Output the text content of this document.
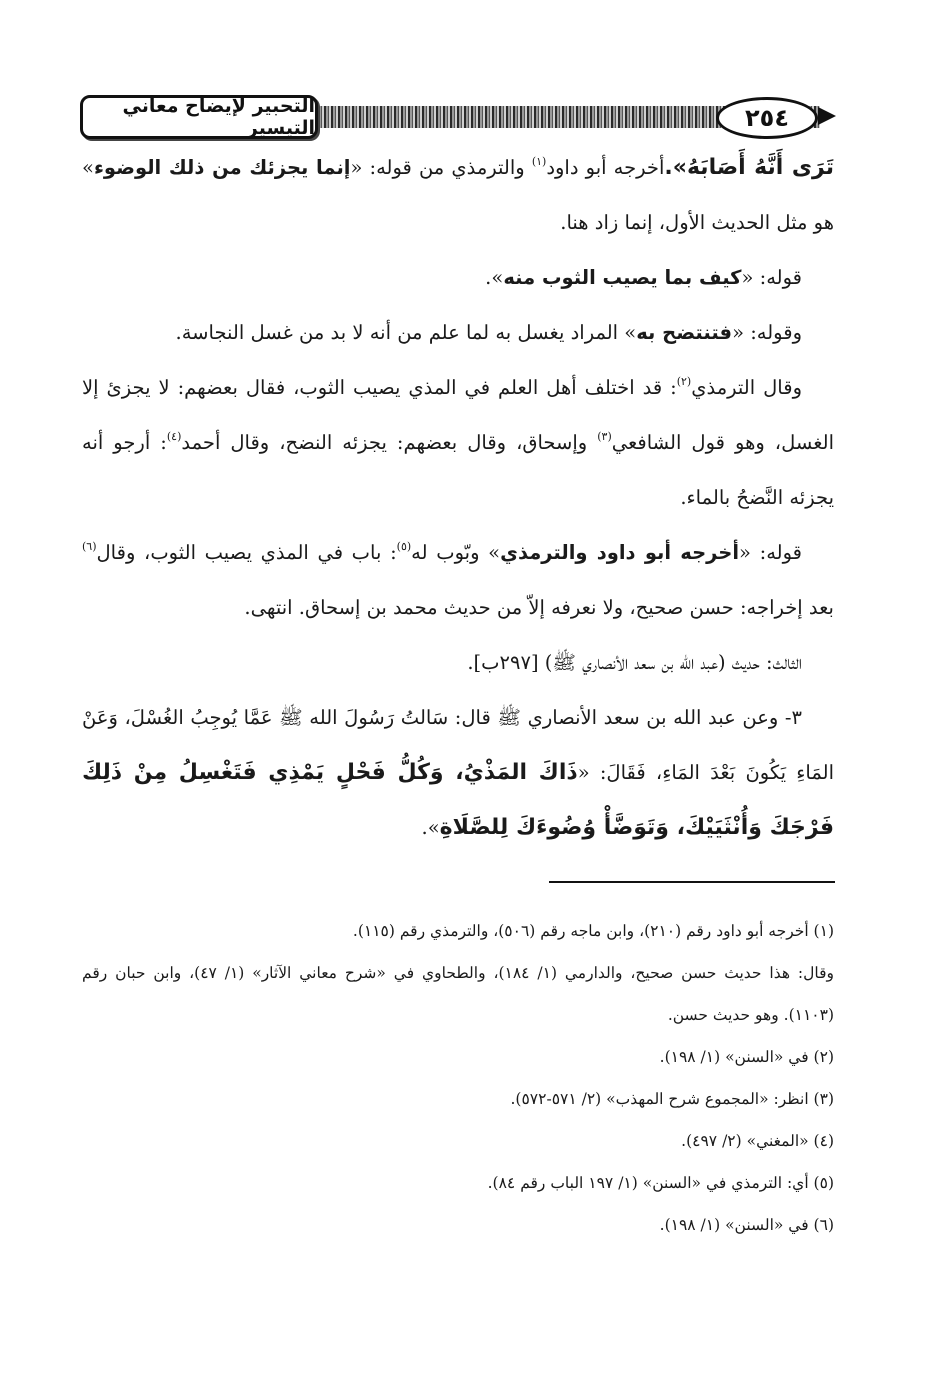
التحبير لإيضاح معاني التيسير	٢٥٤

تَرَى أَنَّهُ أَصَابَهُ».أخرجه أبو داود$^{(١)}$ والترمذي من قوله: «إنما يجزئك من ذلك الوضوء» هو مثل الحديث الأول، إنما زاد هنا.

قوله: «كيف بما يصيب الثوب منه».

وقوله: «فتنتضح به» المراد يغسل به لما علم من أنه لا بد من غسل النجاسة.

وقال الترمذي$^{(٢)}$: قد اختلف أهل العلم في المذي يصيب الثوب، فقال بعضهم: لا يجزئ إلا الغسل، وهو قول الشافعي$^{(٣)}$ وإسحاق، وقال بعضهم: يجزئه النضح، وقال أحمد$^{(٤)}$: أرجو أنه يجزئه النَّضحُ بالماء.

قوله: «أخرجه أبو داود والترمذي» وبّوب له$^{(٥)}$: باب في المذي يصيب الثوب، وقال$^{(٦)}$ بعد إخراجه: حسن صحيح، ولا نعرفه إلاّ من حديث محمد بن إسحاق. انتهى.

الثالث: حديث (عبد الله بن سعد الأنصاري ﷺ) [٢٩٧ب].

٣- وعن عبد الله بن سعد الأنصاري ﷺ قال: سَالتُ رَسُولَ الله ﷺ عَمَّا يُوجِبُ الغُسْلَ، وَعَنْ المَاءِ يَكُونَ بَعْدَ المَاءِ، فَقَالَ: «ذَاكَ المَذْيُ، وَكُلُّ فَحْلٍ يَمْذِي فَتَغْسِلُ مِنْ ذَلِكَ فَرْجَكَ وَأُنْثَيَيْكَ، وَتَوَضَّأْ وُضُوءَكَ لِلصَّلَاةِ».

(١) أخرجه أبو داود رقم (٢١٠)، وابن ماجه رقم (٥٠٦)، والترمذي رقم (١١٥).

وقال: هذا حديث حسن صحيح، والدارمي (١/ ١٨٤)، والطحاوي في «شرح معاني الآثار» (١/ ٤٧)، وابن حبان رقم (١١٠٣). وهو حديث حسن.

(٢) في «السنن» (١/ ١٩٨).

(٣) انظر: «المجموع شرح المهذب» (٢/ ٥٧١-٥٧٢).

(٤) «المغني» (٢/ ٤٩٧).

(٥) أي: الترمذي في «السنن» (١/ ١٩٧ الباب رقم ٨٤).

(٦) في «السنن» (١/ ١٩٨).
